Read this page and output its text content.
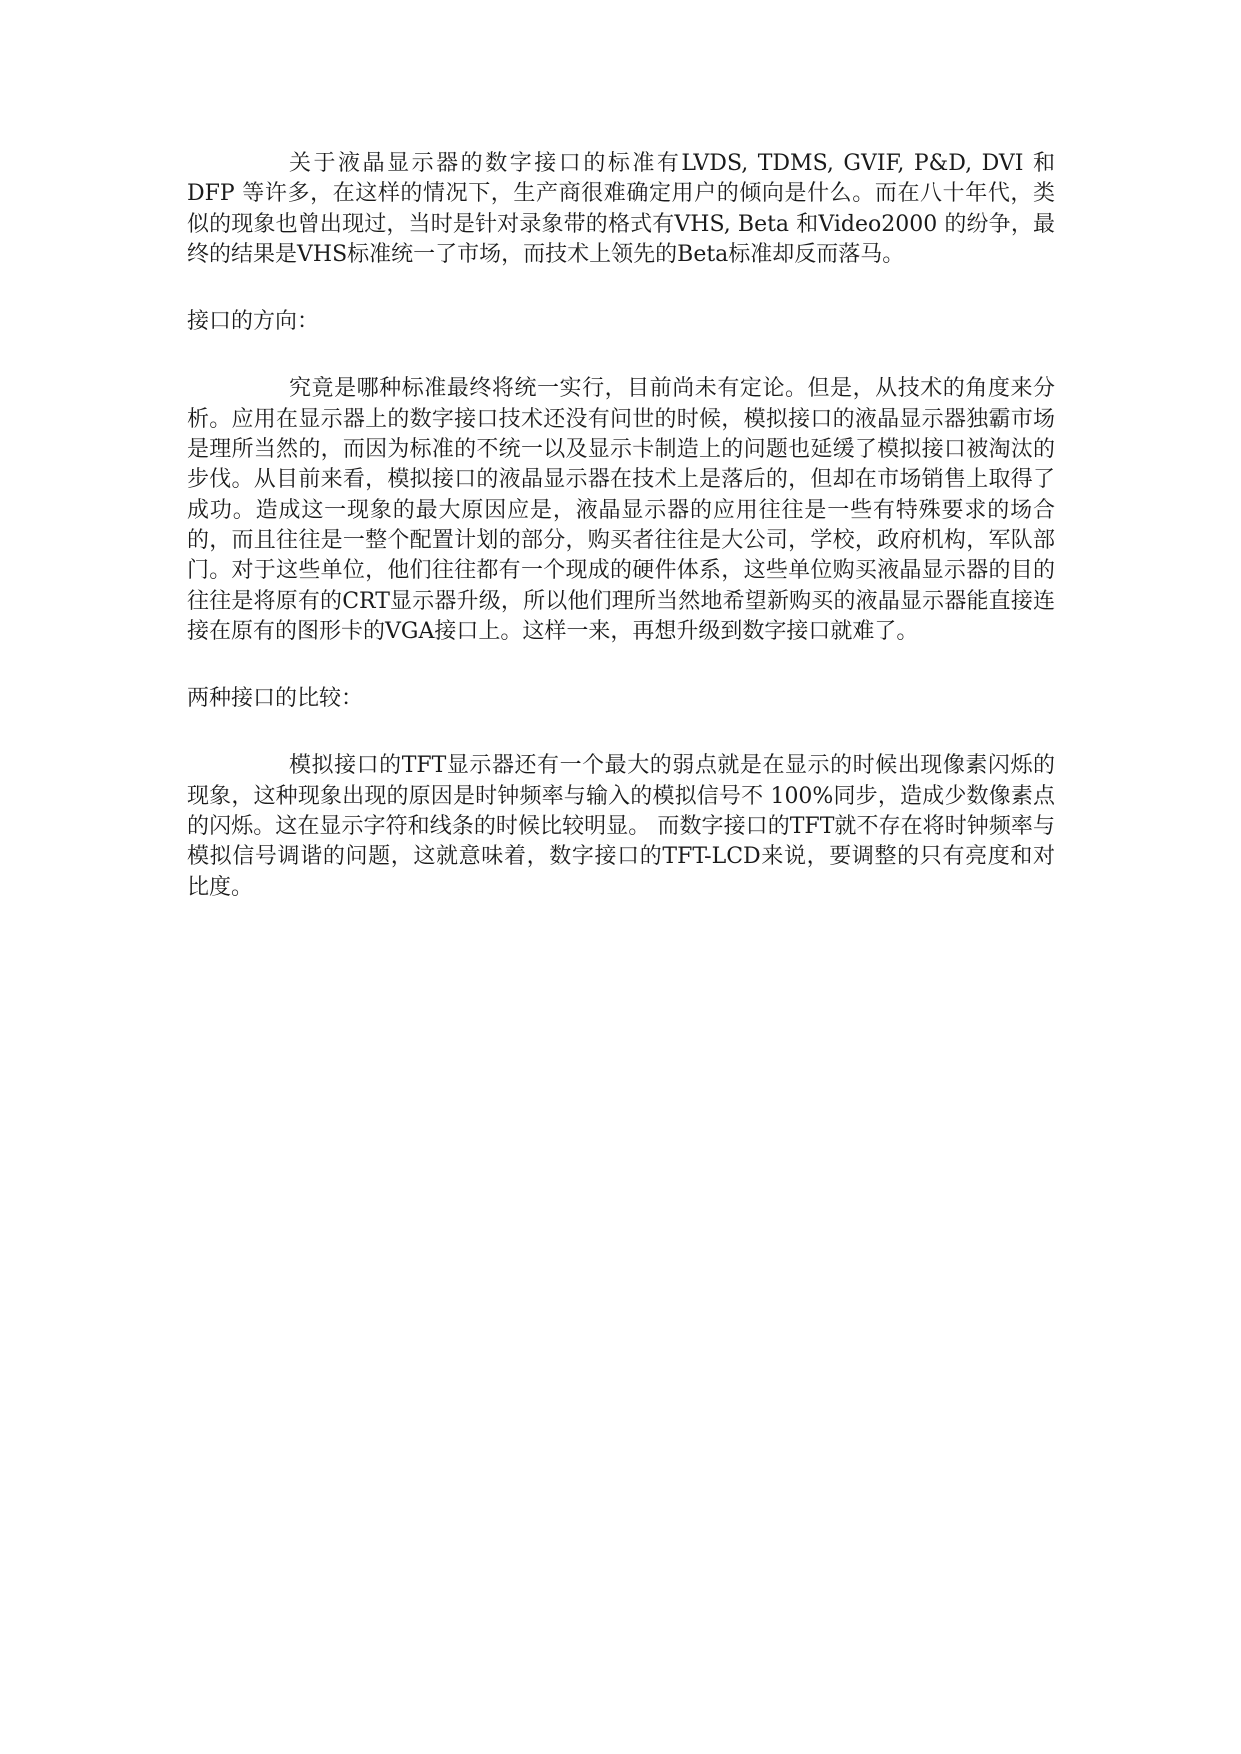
关于液晶显示器的数字接口的标准有LVDS, TDMS, GVIF, P&D, DVI 和 DFP 等许多，在这样的情况下，生产商很难确定用户的倾向是什么。而在八十年代，类似的现象也曾出现过，当时是针对录象带的格式有VHS, Beta 和Video2000 的纷争，最终的结果是VHS标准统一了市场，而技术上领先的Beta标准却反而落马。

接口的方向：

究竟是哪种标准最终将统一实行，目前尚未有定论。但是，从技术的角度来分析。应用在显示器上的数字接口技术还没有问世的时候，模拟接口的液晶显示器独霸市场是理所当然的，而因为标准的不统一以及显示卡制造上的问题也延缓了模拟接口被淘汰的步伐。从目前来看，模拟接口的液晶显示器在技术上是落后的，但却在市场销售上取得了成功。造成这一现象的最大原因应是，液晶显示器的应用往往是一些有特殊要求的场合的，而且往往是一整个配置计划的部分，购买者往往是大公司，学校，政府机构，军队部门。对于这些单位，他们往往都有一个现成的硬件体系，这些单位购买液晶显示器的目的往往是将原有的CRT显示器升级，所以他们理所当然地希望新购买的液晶显示器能直接连接在原有的图形卡的VGA接口上。这样一来，再想升级到数字接口就难了。

两种接口的比较：

模拟接口的TFT显示器还有一个最大的弱点就是在显示的时候出现像素闪烁的现象，这种现象出现的原因是时钟频率与输入的模拟信号不 100%同步，造成少数像素点的闪烁。这在显示字符和线条的时候比较明显。 而数字接口的TFT就不存在将时钟频率与模拟信号调谐的问题，这就意味着，数字接口的TFT-LCD来说，要调整的只有亮度和对比度。
